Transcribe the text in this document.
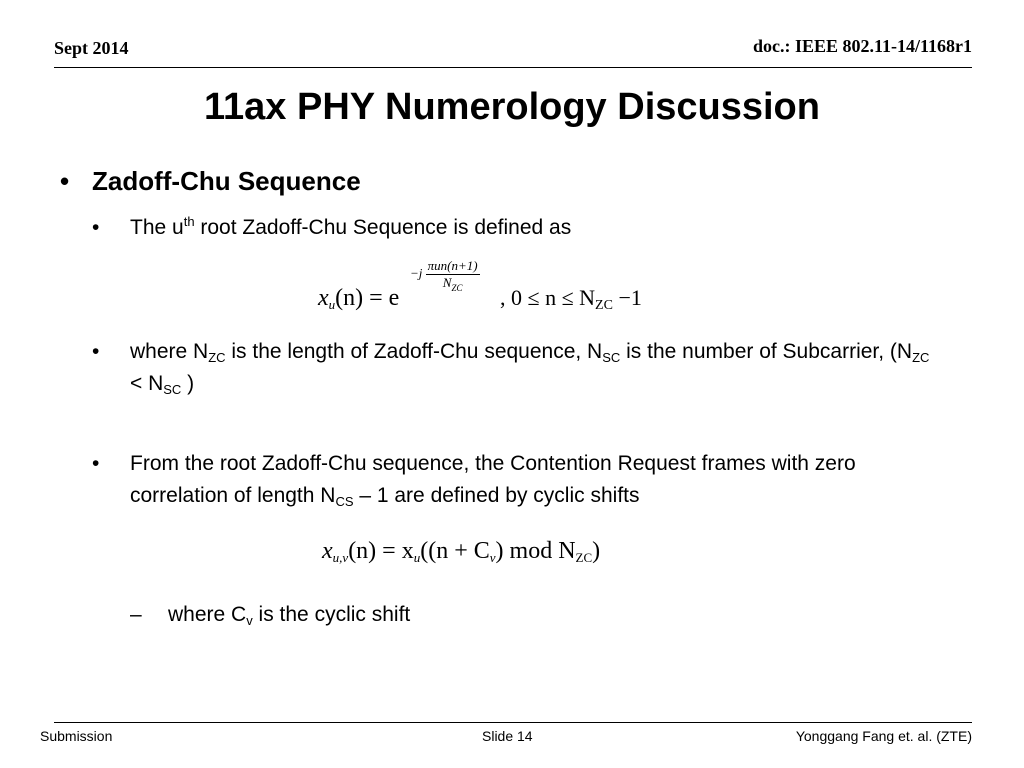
Sept 2014	doc.: IEEE 802.11-14/1168r1
11ax PHY Numerology Discussion
• Zadoff-Chu Sequence
• The $u^{th}$ root Zadoff-Chu Sequence is defined as
$x_u(n) = e$
$-j \frac{\text{πun(n+1)}}{N_{ZC}}$
, $0 \le n \le N_{ZC} -1$
• where $N_{ZC}$ is the length of Zadoff-Chu sequence, $N_{SC}$ is the number of Subcarrier, ($N_{ZC} < N_{SC}$ )
• From the root Zadoff-Chu sequence, the Contention Request frames with zero correlation of length $N_{CS} - 1$ are defined by cyclic shifts
$x_{u,v}(n) = x_u((n + C_v)$ mod $N_{ZC}$)
– where $C_v$ is the cyclic shift
Submission	Slide 14	Yonggang Fang et. al. (ZTE)
